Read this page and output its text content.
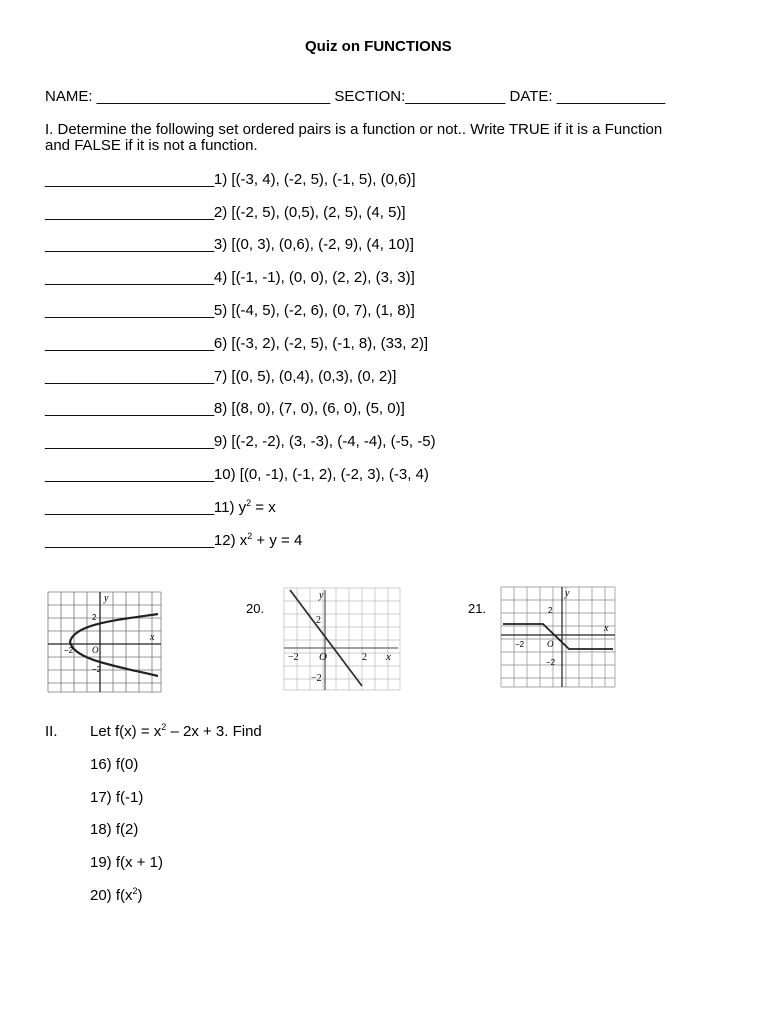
Quiz on FUNCTIONS
NAME: ____________________________ SECTION:____________ DATE: _____________
I. Determine the following set ordered pairs is a function or not.. Write TRUE if it is a Function
and FALSE if it is not a function.
_____________________1) [(-3, 4), (-2, 5), (-1, 5), (0,6)]
_____________________2) [(-2, 5), (0,5), (2, 5), (4, 5)]
_____________________3) [(0, 3), (0,6), (-2, 9), (4, 10)]
_____________________4) [(-1, -1), (0, 0), (2, 2), (3, 3)]
_____________________5) [(-4, 5), (-2, 6), (0, 7), (1, 8)]
_____________________6) [(-3, 2), (-2, 5), (-1, 8), (33, 2)]
_____________________7) [(0, 5), (0,4), (0,3), (0, 2)]
_____________________8) [(8, 0), (7, 0), (6, 0), (5, 0)]
_____________________9) [(-2, -2), (3, -3), (-4, -4), (-5, -5)
_____________________10) [(0, -1), (-1, 2), (-2, 3), (-3, 4)
_____________________11) $y^2 = x$
_____________________12) $x^2 + y = 4$
y
x
O
2
−2
−2
20.
y
x
O
2
2
−2
−2
21.
y
x
O
2
−2
−2
II. Let $f(x) = x^2 - 2x + 3$. Find
16) f(0)
17) f(-1)
18) f(2)
19) f(x + 1)
20) $f(x^2)$
